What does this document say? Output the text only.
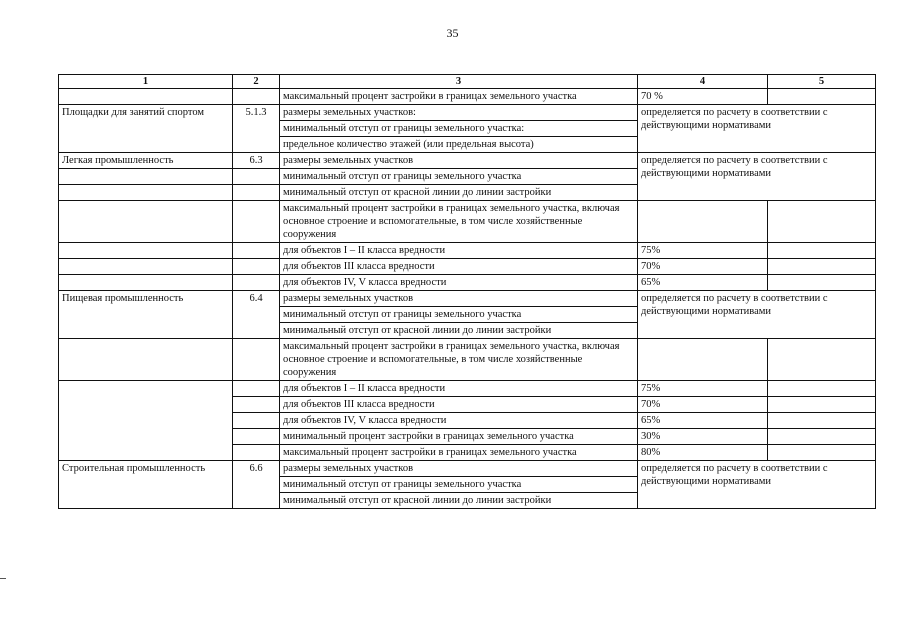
35
1	2	3	4	5
		максимальный процент застройки в границах земельного участка	70 %	
Площадки для занятий спортом	5.1.3	размеры земельных участков:	определяется по расчету в соответствии с действующими нормативами	
		минимальный отступ от границы земельного участка:		
		предельное количество этажей (или предельная высота)		
Легкая промышленность	6.3	размеры земельных участков	определяется по расчету в соответствии с действующими нормативами	
		минимальный отступ от границы земельного участка		
		минимальный отступ от красной линии до линии застройки		
		максимальный процент застройки в границах земельного участка, включая основное строение и вспомогательные, в том числе хозяйственные сооружения		
		для объектов I – II класса вредности	75%	
		для объектов III класса вредности	70%	
		для объектов IV, V класса вредности	65%	
Пищевая промышленность	6.4	размеры земельных участков	определяется по расчету в соответствии с действующими нормативами	
		минимальный отступ от границы земельного участка		
		минимальный отступ от красной линии до линии застройки		
		максимальный процент застройки в границах земельного участка, включая основное строение и вспомогательные, в том числе хозяйственные сооружения		
		для объектов I – II класса вредности	75%	
		для объектов III класса вредности	70%	
		для объектов IV, V класса вредности	65%	
		минимальный процент застройки в границах земельного участка	30%	
		максимальный процент застройки в границах земельного участка	80%	
Строительная промышленность	6.6	размеры земельных участков	определяется по расчету в соответствии с действующими нормативами	
		минимальный отступ от границы земельного участка		
		минимальный отступ от красной линии до линии застройки		
